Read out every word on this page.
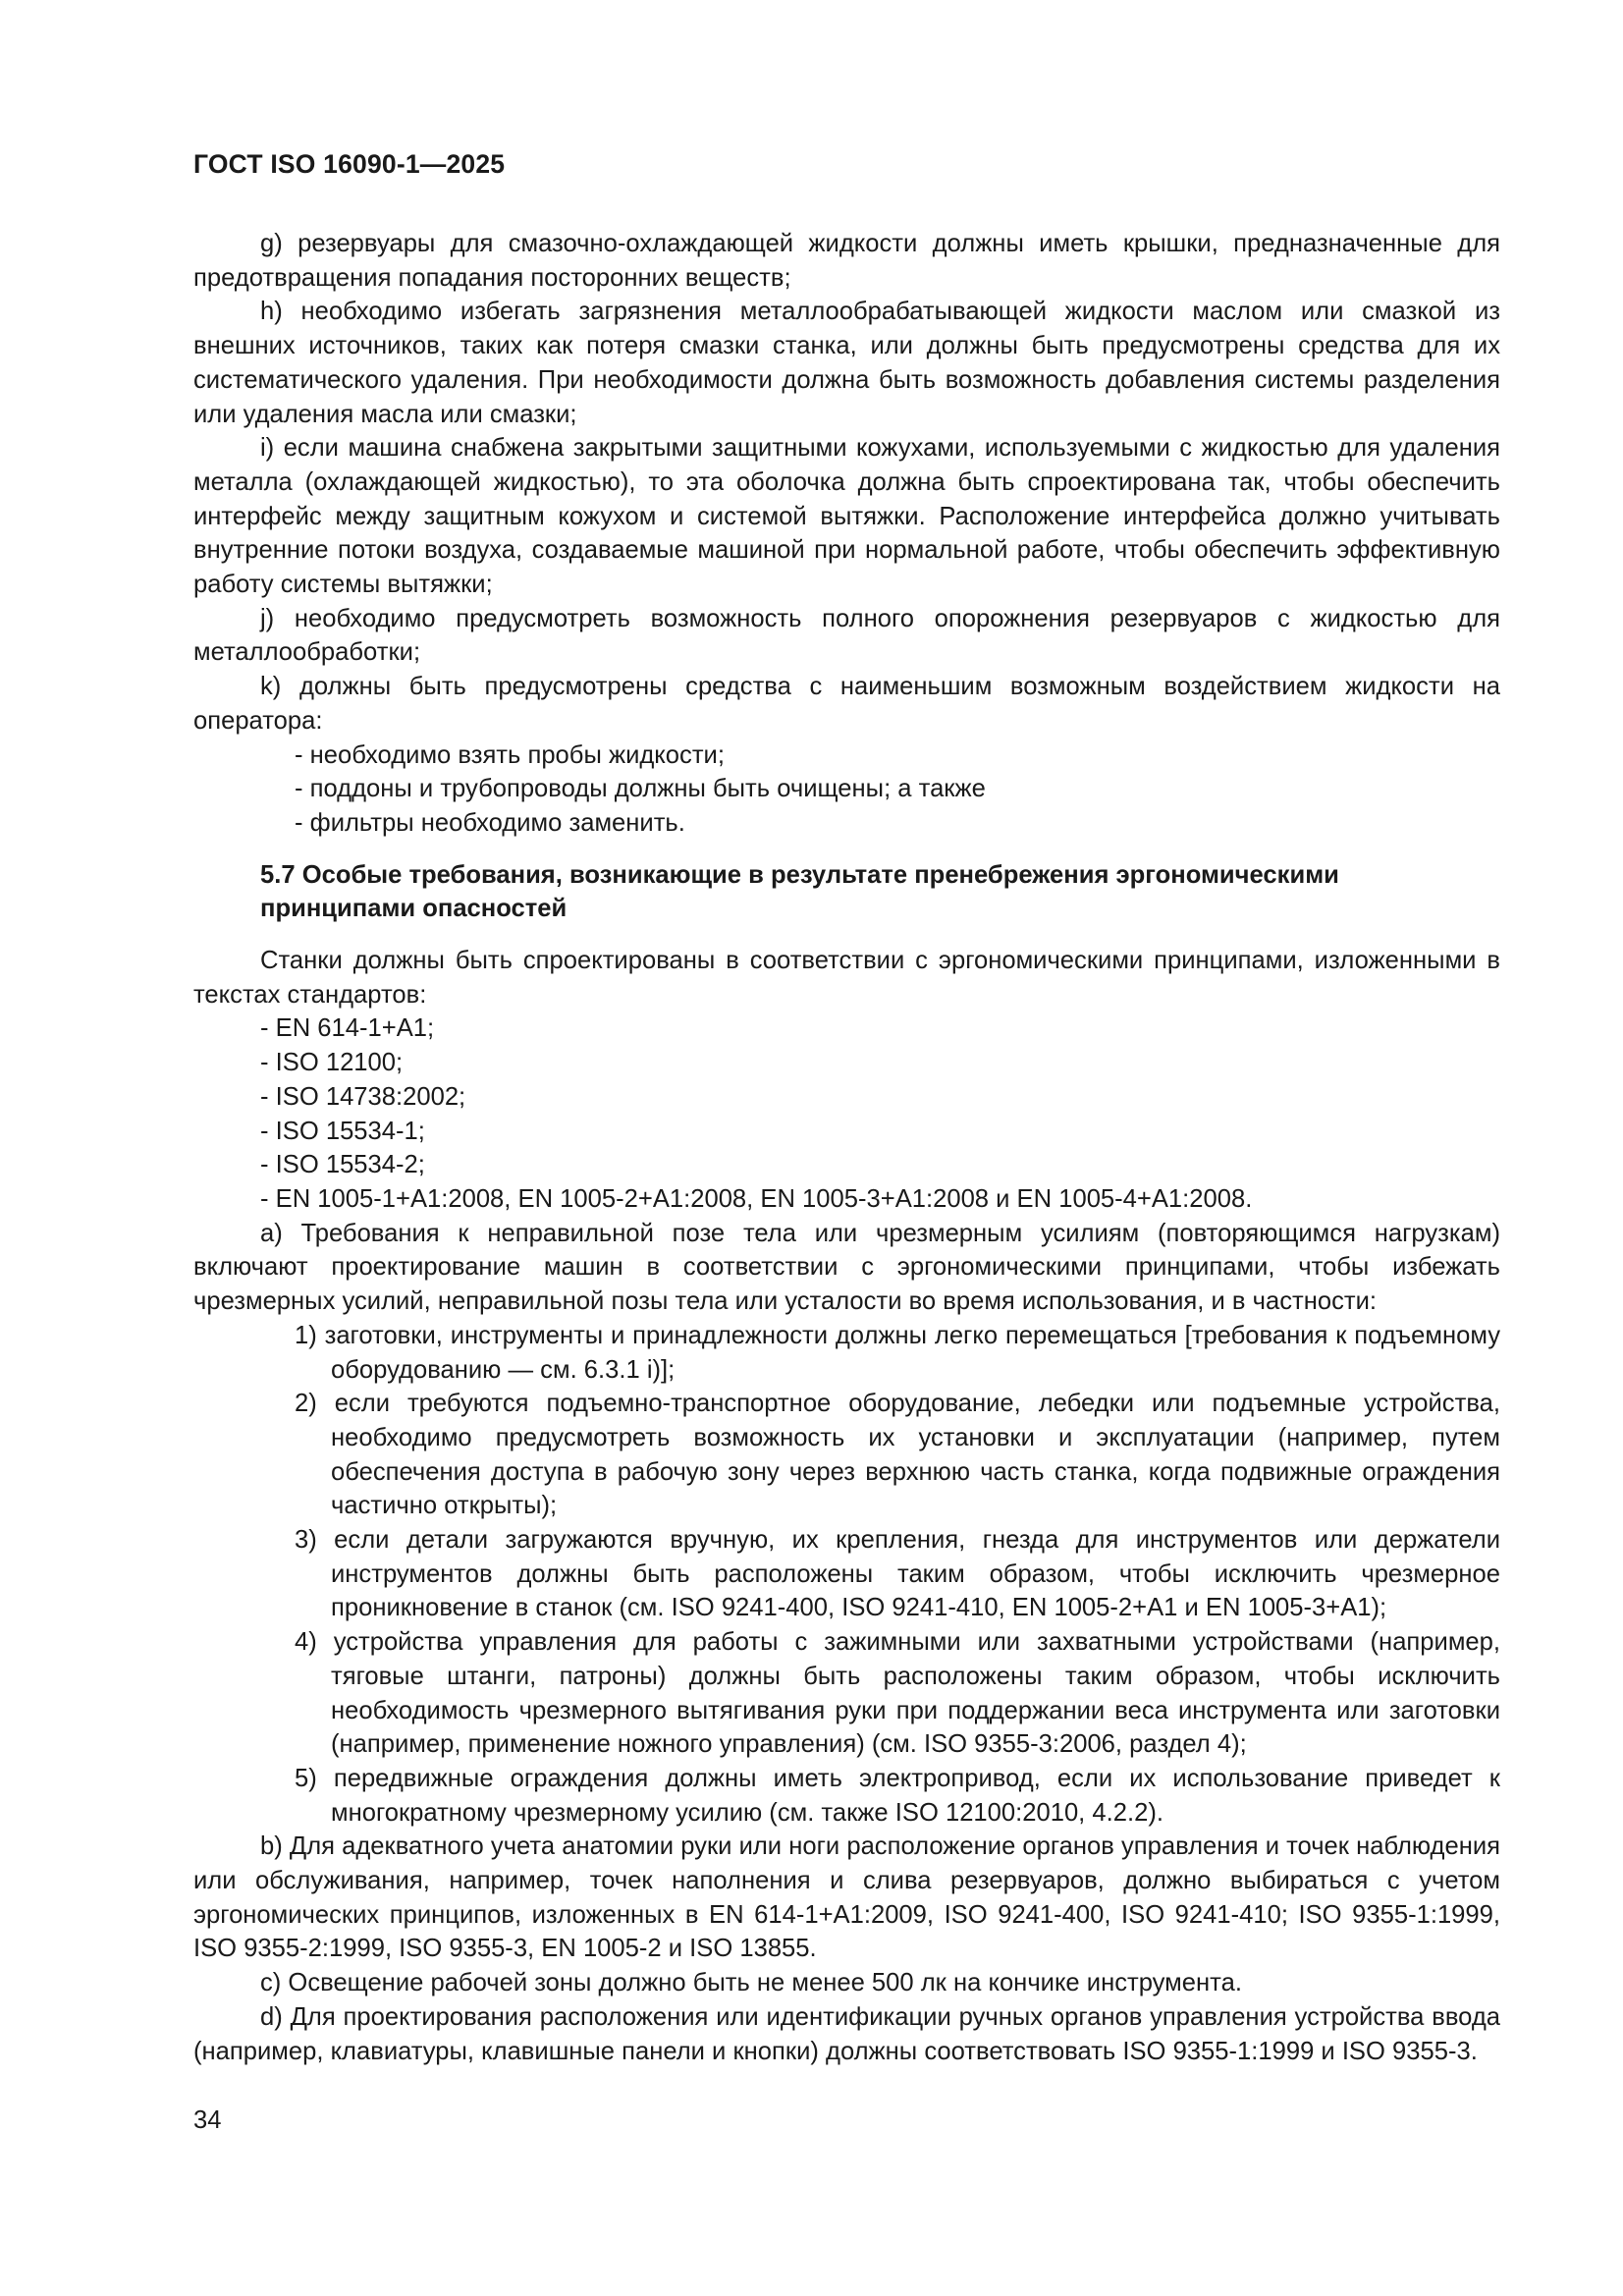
ГОСТ ISO 16090-1—2025

g) резервуары для смазочно-охлаждающей жидкости должны иметь крышки, предназначенные для предотвращения попадания посторонних веществ;

h) необходимо избегать загрязнения металлообрабатывающей жидкости маслом или смазкой из внешних источников, таких как потеря смазки станка, или должны быть предусмотрены средства для их систематического удаления. При необходимости должна быть возможность добавления системы разделения или удаления масла или смазки;

i) если машина снабжена закрытыми защитными кожухами, используемыми с жидкостью для удаления металла (охлаждающей жидкостью), то эта оболочка должна быть спроектирована так, чтобы обеспечить интерфейс между защитным кожухом и системой вытяжки. Расположение интерфейса должно учитывать внутренние потоки воздуха, создаваемые машиной при нормальной работе, чтобы обеспечить эффективную работу системы вытяжки;

j) необходимо предусмотреть возможность полного опорожнения резервуаров с жидкостью для металлообработки;

k) должны быть предусмотрены средства с наименьшим возможным воздействием жидкости на оператора:

- необходимо взять пробы жидкости;

- поддоны и трубопроводы должны быть очищены; а также

- фильтры необходимо заменить.

5.7 Особые требования, возникающие в результате пренебрежения эргономическими принципами опасностей

Станки должны быть спроектированы в соответствии с эргономическими принципами, изложенными в текстах стандартов:

- EN 614-1+A1;

- ISO 12100;

- ISO 14738:2002;

- ISO 15534-1;

- ISO 15534-2;

- EN 1005-1+A1:2008, EN 1005-2+A1:2008, EN 1005-3+A1:2008 и EN 1005-4+A1:2008.

а) Требования к неправильной позе тела или чрезмерным усилиям (повторяющимся нагрузкам) включают проектирование машин в соответствии с эргономическими принципами, чтобы избежать чрезмерных усилий, неправильной позы тела или усталости во время использования, и в частности:

1) заготовки, инструменты и принадлежности должны легко перемещаться [требования к подъемному оборудованию — см. 6.3.1 i)];

2) если требуются подъемно-транспортное оборудование, лебедки или подъемные устройства, необходимо предусмотреть возможность их установки и эксплуатации (например, путем обеспечения доступа в рабочую зону через верхнюю часть станка, когда подвижные ограждения частично открыты);

3) если детали загружаются вручную, их крепления, гнезда для инструментов или держатели инструментов должны быть расположены таким образом, чтобы исключить чрезмерное проникновение в станок (см. ISO 9241-400, ISO 9241-410, EN 1005-2+A1 и EN 1005-3+A1);

4) устройства управления для работы с зажимными или захватными устройствами (например, тяговые штанги, патроны) должны быть расположены таким образом, чтобы исключить необходимость чрезмерного вытягивания руки при поддержании веса инструмента или заготовки (например, применение ножного управления) (см. ISO 9355-3:2006, раздел 4);

5) передвижные ограждения должны иметь электропривод, если их использование приведет к многократному чрезмерному усилию (см. также ISO 12100:2010, 4.2.2).

b) Для адекватного учета анатомии руки или ноги расположение органов управления и точек наблюдения или обслуживания, например, точек наполнения и слива резервуаров, должно выбираться с учетом эргономических принципов, изложенных в EN 614-1+A1:2009, ISO 9241-400, ISO 9241-410; ISO 9355-1:1999, ISO 9355-2:1999, ISO 9355-3, EN 1005-2 и ISO 13855.

c) Освещение рабочей зоны должно быть не менее 500 лк на кончике инструмента.

d) Для проектирования расположения или идентификации ручных органов управления устройства ввода (например, клавиатуры, клавишные панели и кнопки) должны соответствовать ISO 9355-1:1999 и ISO 9355-3.

34
